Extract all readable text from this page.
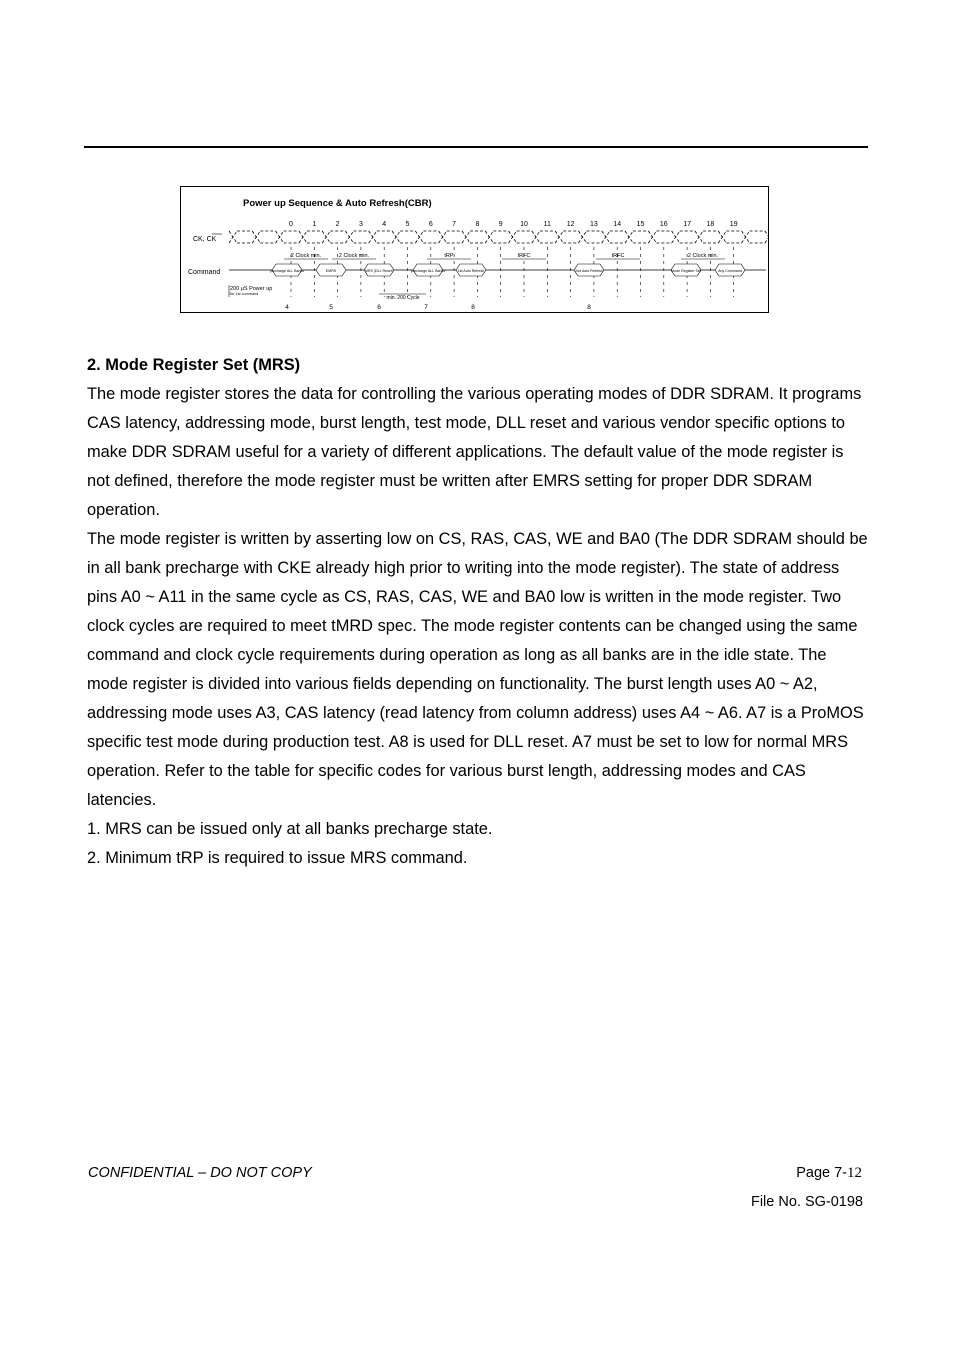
Power up Sequence & Auto Refresh(CBR)
0	1	2	3	4	5	6	7	8	9 10 11 12 13 14 15 16 17 18 19
CK, CK
Command
2 Clock min.	2 Clock min.	tRP	tRFC	tRFC	2 Clock min.
precharge ALL Banks	EMRS	MRS (DLL Reset)	precharge ALL Banks	1st Auto Refresh	2nd Auto Refresh	Mode Register Set	Any Command
200 µS Power up
for 1st command
min. 200 Cycle
4	5	6	7	8	8

2. Mode Register Set (MRS)

The mode register stores the data for controlling the various operating modes of DDR SDRAM. It programs CAS latency, addressing mode, burst length, test mode, DLL reset and various vendor specific options to make DDR SDRAM useful for a variety of different applications. The default value of the mode register is not defined, therefore the mode register must be written after EMRS setting for proper DDR SDRAM operation.

The mode register is written by asserting low on CS, RAS, CAS, WE and BA0 (The DDR SDRAM should be in all bank precharge with CKE already high prior to writing into the mode register). The state of address pins A0 ~ A11 in the same cycle as CS, RAS, CAS, WE and BA0 low is written in the mode register. Two clock cycles are required to meet tMRD spec. The mode register contents can be changed using the same command and clock cycle requirements during operation as long as all banks are in the idle state. The mode register is divided into various fields depending on functionality. The burst length uses A0 ~ A2, addressing mode uses A3, CAS latency (read latency from column address) uses A4 ~ A6. A7 is a ProMOS specific test mode during production test. A8 is used for DLL reset. A7 must be set to low for normal MRS operation. Refer to the table for specific codes for various burst length, addressing modes and CAS latencies.

1. MRS can be issued only at all banks precharge state.

2. Minimum tRP is required to issue MRS command.

CONFIDENTIAL – DO NOT COPY	Page 7-12
File No. SG-0198
